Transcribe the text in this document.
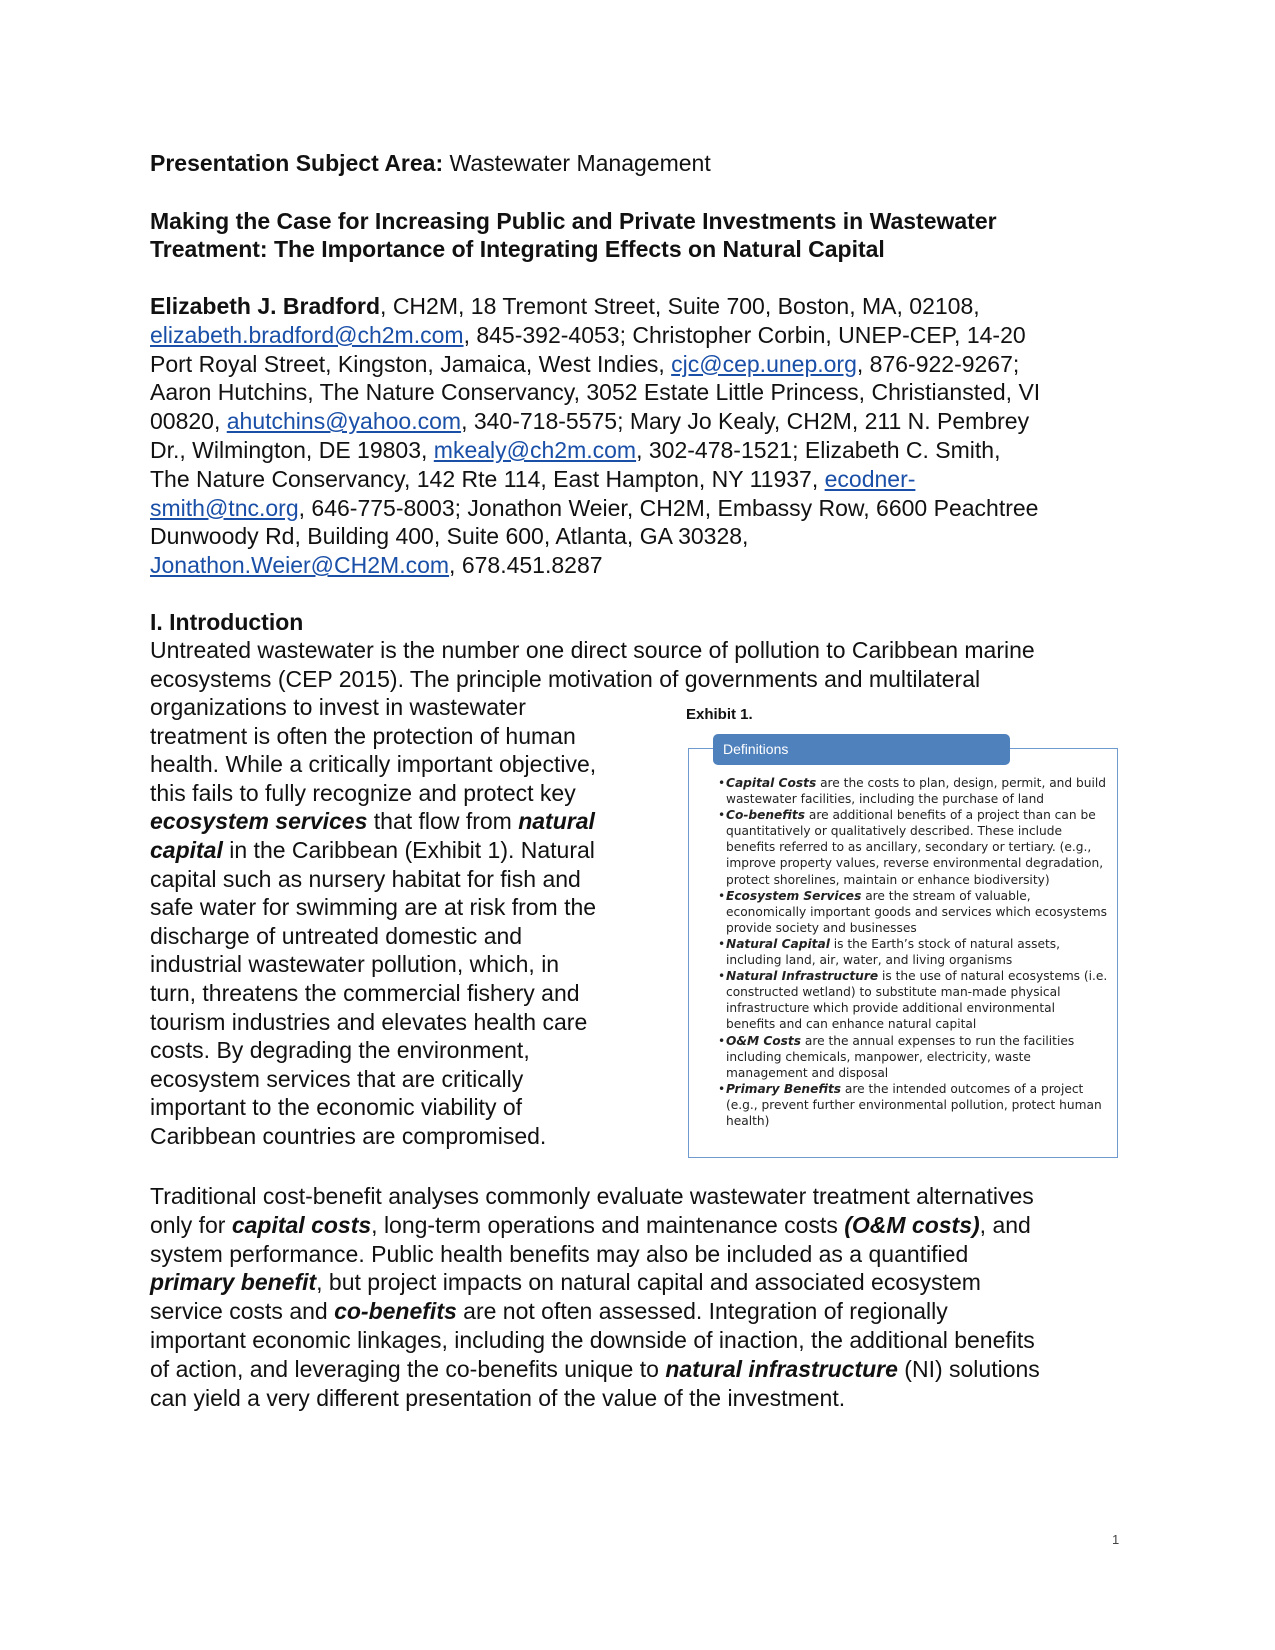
Presentation Subject Area: Wastewater Management
Making the Case for Increasing Public and Private Investments in Wastewater
Treatment: The Importance of Integrating Effects on Natural Capital
Elizabeth J. Bradford, CH2M, 18 Tremont Street, Suite 700, Boston, MA, 02108,
elizabeth.bradford@ch2m.com, 845-392-4053; Christopher Corbin, UNEP-CEP, 14-20
Port Royal Street, Kingston, Jamaica, West Indies, cjc@cep.unep.org, 876-922-9267;
Aaron Hutchins, The Nature Conservancy, 3052 Estate Little Princess, Christiansted, VI
00820, ahutchins@yahoo.com, 340-718-5575; Mary Jo Kealy, CH2M, 211 N. Pembrey
Dr., Wilmington, DE 19803, mkealy@ch2m.com, 302-478-1521; Elizabeth C. Smith,
The Nature Conservancy, 142 Rte 114, East Hampton, NY 11937, ecodner-
smith@tnc.org, 646-775-8003; Jonathon Weier, CH2M, Embassy Row, 6600 Peachtree
Dunwoody Rd, Building 400, Suite 600, Atlanta, GA 30328,
Jonathon.Weier@CH2M.com, 678.451.8287
I. Introduction
Untreated wastewater is the number one direct source of pollution to Caribbean marine
ecosystems (CEP 2015). The principle motivation of governments and multilateral
organizations to invest in wastewater
treatment is often the protection of human
health. While a critically important objective,
this fails to fully recognize and protect key
ecosystem services that flow from natural
capital in the Caribbean (Exhibit 1). Natural
capital such as nursery habitat for fish and
safe water for swimming are at risk from the
discharge of untreated domestic and
industrial wastewater pollution, which, in
turn, threatens the commercial fishery and
tourism industries and elevates health care
costs. By degrading the environment,
ecosystem services that are critically
important to the economic viability of
Caribbean countries are compromised.
Exhibit 1.
Definitions
•Capital Costs are the costs to plan, design, permit, and build wastewater facilities, including the purchase of land
•Co-benefits are additional benefits of a project than can be quantitatively or qualitatively described. These include benefits referred to as ancillary, secondary or tertiary. (e.g., improve property values, reverse environmental degradation, protect shorelines, maintain or enhance biodiversity)
•Ecosystem Services are the stream of valuable, economically important goods and services which ecosystems provide society and businesses
•Natural Capital is the Earth’s stock of natural assets, including land, air, water, and living organisms
•Natural Infrastructure is the use of natural ecosystems (i.e. constructed wetland) to substitute man-made physical infrastructure which provide additional environmental benefits and can enhance natural capital
•O&M Costs are the annual expenses to run the facilities including chemicals, manpower, electricity, waste management and disposal
•Primary Benefits are the intended outcomes of a project (e.g., prevent further environmental pollution, protect human health)
Traditional cost-benefit analyses commonly evaluate wastewater treatment alternatives
only for capital costs, long-term operations and maintenance costs (O&M costs), and
system performance. Public health benefits may also be included as a quantified
primary benefit, but project impacts on natural capital and associated ecosystem
service costs and co-benefits are not often assessed. Integration of regionally
important economic linkages, including the downside of inaction, the additional benefits
of action, and leveraging the co-benefits unique to natural infrastructure (NI) solutions
can yield a very different presentation of the value of the investment.
1
